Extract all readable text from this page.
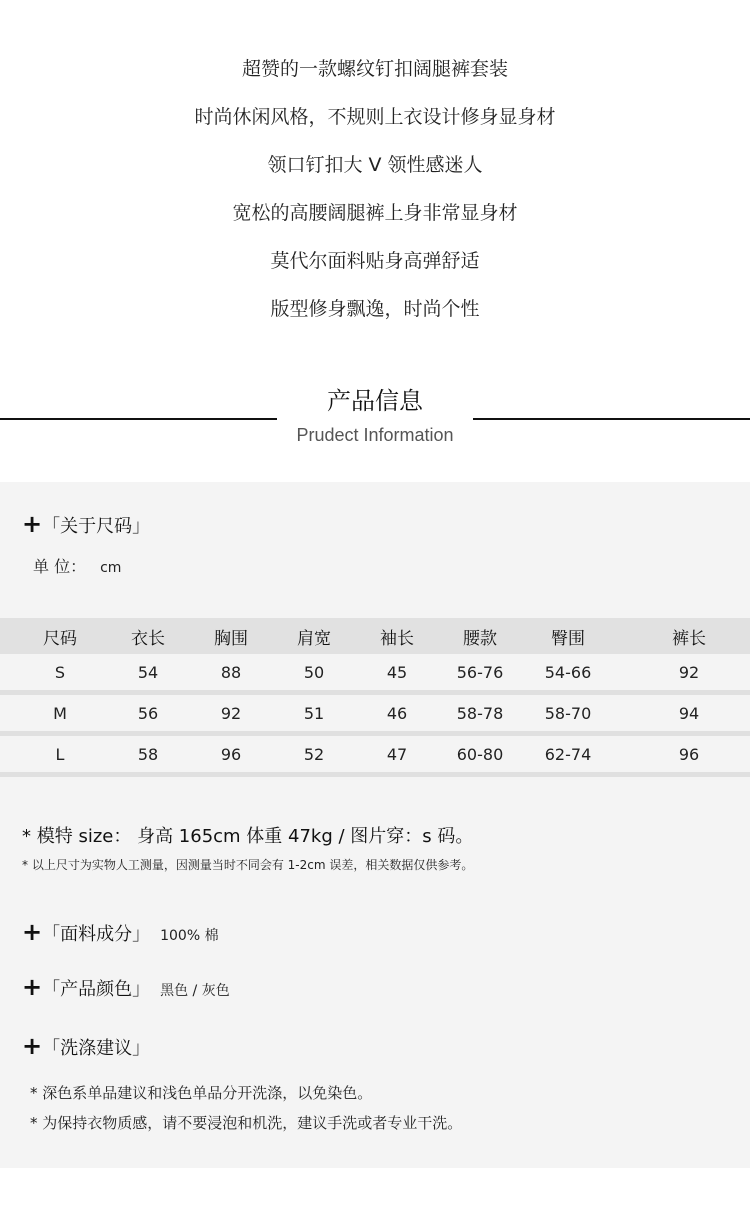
超赞的一款螺纹钉扣阔腿裤套装
时尚休闲风格，不规则上衣设计修身显身材
领口钉扣大 V 领性感迷人
宽松的高腰阔腿裤上身非常显身材
莫代尔面料贴身高弹舒适
版型修身飘逸，时尚个性
产品信息
Prudect Information
+「关于尺码」
单 位： cm
尺码	衣长	胸围	肩宽	袖长	腰款	臀围	裤长
S	54	88	50	45	56-76	54-66	92
M	56	92	51	46	58-78	58-70	94
L	58	96	52	47	60-80	62-74	96
* 模特 size： 身高 165cm 体重 47kg / 图片穿：s 码。
* 以上尺寸为实物人工测量，因测量当时不同会有 1-2cm 误差，相关数据仅供参考。
+「面料成分」 100% 棉
+「产品颜色」 黑色 / 灰色
+「洗涤建议」
* 深色系单品建议和浅色单品分开洗涤，以免染色。
* 为保持衣物质感，请不要浸泡和机洗，建议手洗或者专业干洗。
